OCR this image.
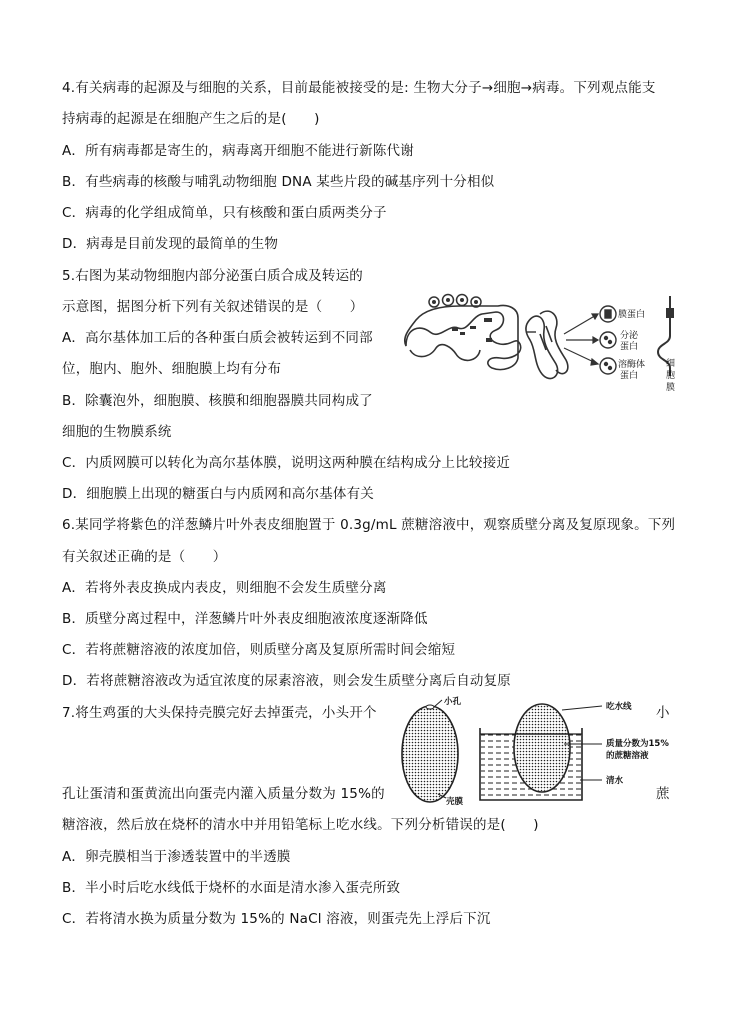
4.有关病毒的起源及与细胞的关系，目前最能被接受的是: 生物大分子→细胞→病毒。下列观点能支
持病毒的起源是在细胞产生之后的是(　　)
A．所有病毒都是寄生的，病毒离开细胞不能进行新陈代谢
B．有些病毒的核酸与哺乳动物细胞 DNA 某些片段的碱基序列十分相似
C．病毒的化学组成简单，只有核酸和蛋白质两类分子
D．病毒是目前发现的最简单的生物
5.右图为某动物细胞内部分泌蛋白质合成及转运的
示意图，据图分析下列有关叙述错误的是（　　）
A．高尔基体加工后的各种蛋白质会被转运到不同部
位，胞内、胞外、细胞膜上均有分布
B．除囊泡外，细胞膜、核膜和细胞器膜共同构成了
细胞的生物膜系统
C．内质网膜可以转化为高尔基体膜，说明这两种膜在结构成分上比较接近
D．细胞膜上出现的糖蛋白与内质网和高尔基体有关
膜蛋白
分泌
蛋白
溶酶体
蛋白
细
胞
膜
6.某同学将紫色的洋葱鳞片叶外表皮细胞置于 0.3g/mL 蔗糖溶液中，观察质壁分离及复原现象。下列
有关叙述正确的是（　　）
A．若将外表皮换成内表皮，则细胞不会发生质壁分离
B．质壁分离过程中，洋葱鳞片叶外表皮细胞液浓度逐渐降低
C．若将蔗糖溶液的浓度加倍，则质壁分离及复原所需时间会缩短
D．若将蔗糖溶液改为适宜浓度的尿素溶液，则会发生质壁分离后自动复原
7.将生鸡蛋的大头保持壳膜完好去掉蛋壳，小头开个	小
孔让蛋清和蛋黄流出向蛋壳内灌入质量分数为 15%的	蔗
糖溶液，然后放在烧杯的清水中并用铅笔标上吃水线。下列分析错误的是(　　)
A．卵壳膜相当于渗透装置中的半透膜
B．半小时后吃水线低于烧杯的水面是清水渗入蛋壳所致
C．若将清水换为质量分数为 15%的 NaCl 溶液，则蛋壳先上浮后下沉
小孔
壳膜
吃水线
质量分数为15%
的蔗糖溶液
清水
